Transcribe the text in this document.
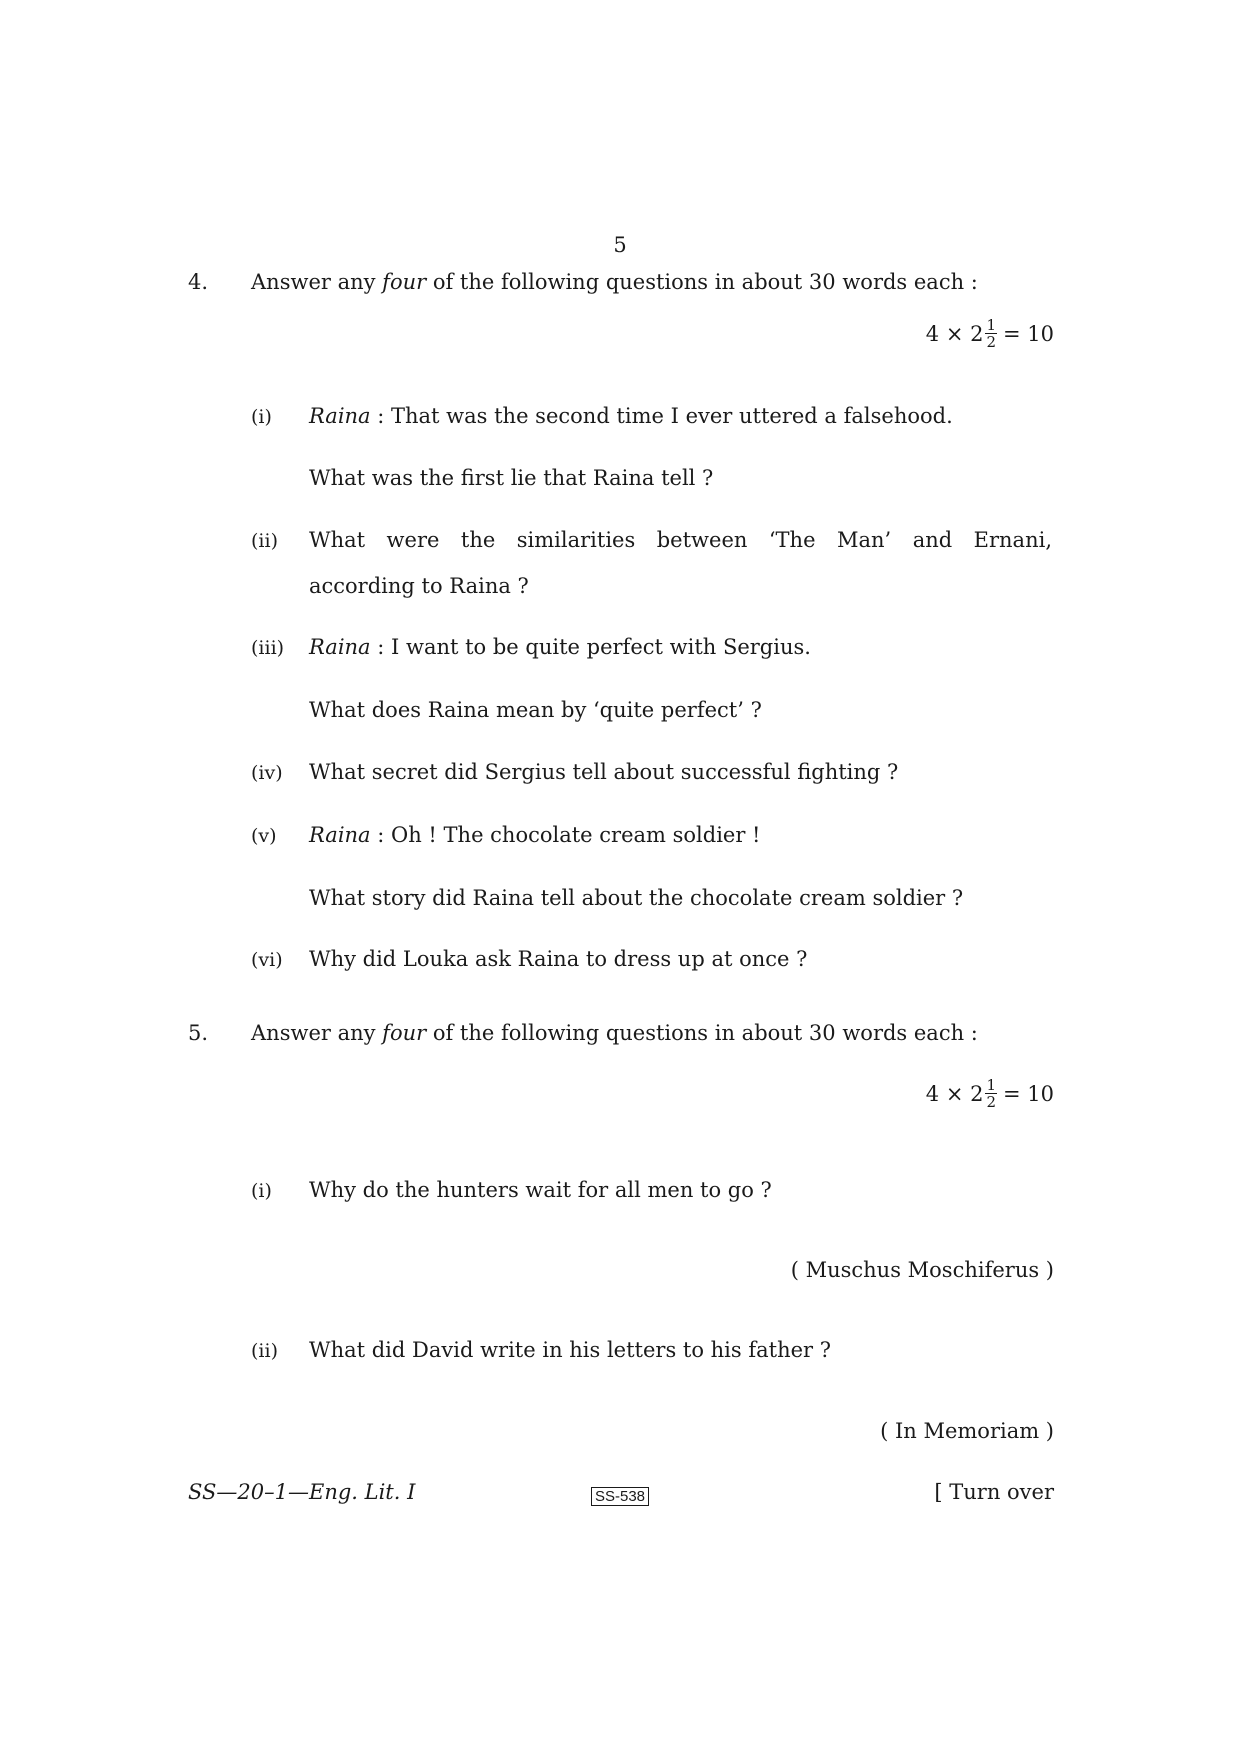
5
4. Answer any four of the following questions in about 30 words each :
$4 \times 2 \frac{1}{2} = 10$
(i) Raina : That was the second time I ever uttered a falsehood.
What was the first lie that Raina tell ?
(ii) What were the similarities between ‘The Man’ and Ernani,
according to Raina ?
(iii) Raina : I want to be quite perfect with Sergius.
What does Raina mean by ‘quite perfect’ ?
(iv) What secret did Sergius tell about successful fighting ?
(v) Raina : Oh ! The chocolate cream soldier !
What story did Raina tell about the chocolate cream soldier ?
(vi) Why did Louka ask Raina to dress up at once ?
5. Answer any four of the following questions in about 30 words each :
$4 \times 2 \frac{1}{2} = 10$
(i) Why do the hunters wait for all men to go ?
( Muschus Moschiferus )
(ii) What did David write in his letters to his father ?
( In Memoriam )
SS—20–1—Eng. Lit. I	SS-538	[ Turn over
